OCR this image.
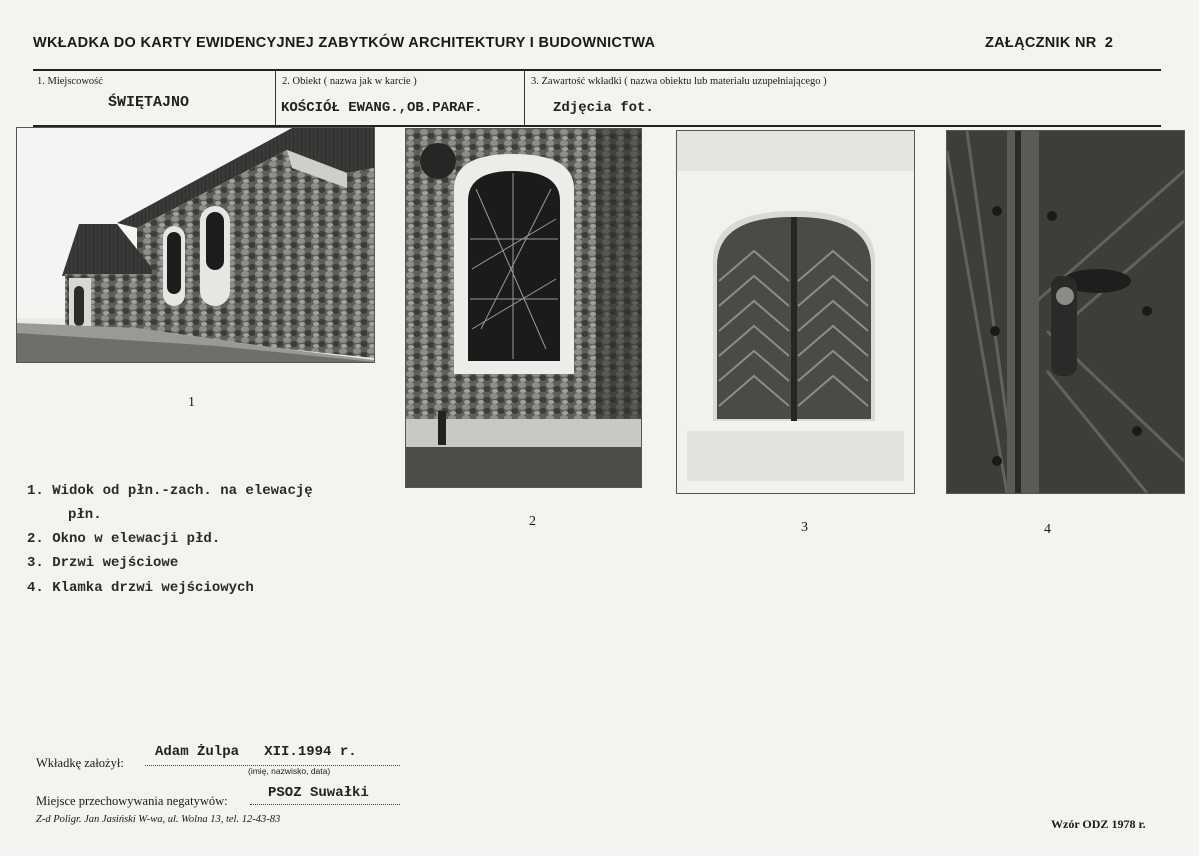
WKŁADKA DO KARTY EWIDENCYJNEJ ZABYTKÓW ARCHITEKTURY I BUDOWNICTWA	ZAŁĄCZNIK NR 2
1. Miejscowość
ŚWIĘTAJNO
2. Obiekt ( nazwa jak w karcie )
KOŚCIÓŁ EWANG.,OB.PARAF.
3. Zawartość wkładki ( nazwa obiektu lub materiału uzupełniającego )
Zdjęcia fot.
1
2	3	4
1. Widok od płn.-zach. na elewację
płn.
2. Okno w elewacji płd.
3. Drzwi wejściowe
4. Klamka drzwi wejściowych
Wkładkę założył:
Adam Żulpa   XII.1994 r.
(imię, nazwisko, data)
Miejsce przechowywania negatywów:	PSOZ Suwałki
Z-d Poligr. Jan Jasiński W-wa, ul. Wolna 13, tel. 12-43-83	Wzór ODZ 1978 r.
